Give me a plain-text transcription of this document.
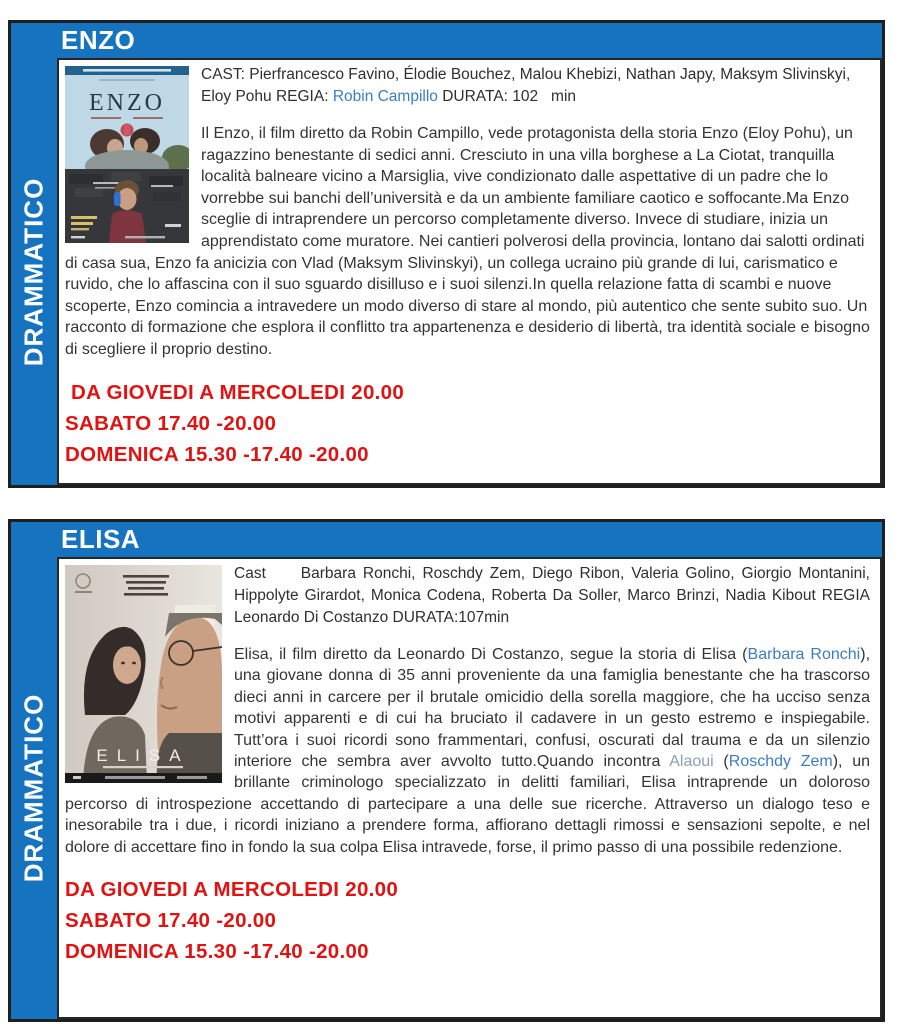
ENZO
DRAMMATICO
ENZO

CAST: Pierfrancesco Favino, Élodie Bouchez, Malou Khebizi, Nathan Japy, Maksym Slivinskyi, Eloy Pohu REGIA: Robin Campillo DURATA: 102   min

Il Enzo, il film diretto da Robin Campillo, vede protagonista della storia Enzo (Eloy Pohu), un ragazzino benestante di sedici anni. Cresciuto in una villa borghese a La Ciotat, tranquilla località balneare vicino a Marsiglia, vive condizionato dalle aspettative di un padre che lo vorrebbe sui banchi dell’università e da un ambiente familiare caotico e soffocante.Ma Enzo sceglie di intraprendere un percorso completamente diverso. Invece di studiare, inizia un apprendistato come muratore. Nei cantieri polverosi della provincia, lontano dai salotti ordinati di casa sua, Enzo fa anicizia con Vlad (Maksym Slivinskyi), un collega ucraino più grande di lui, carismatico e ruvido, che lo affascina con il suo sguardo disilluso e i suoi silenzi.In quella relazione fatta di scambi e nuove scoperte, Enzo comincia a intravedere un modo diverso di stare al mondo, più autentico che sente subito suo. Un racconto di formazione che esplora il conflitto tra appartenenza e desiderio di libertà, tra identità sociale e bisogno di scegliere il proprio destino.

DA GIOVEDI A MERCOLEDI 20.00
SABATO 17.40 -20.00
DOMENICA 15.30 -17.40 -20.00
ELISA
DRAMMATICO	ELISA

Cast     Barbara Ronchi, Roschdy Zem, Diego Ribon, Valeria Golino, Giorgio Montanini, Hippolyte Girardot, Monica Codena, Roberta Da Soller, Marco Brinzi, Nadia Kibout REGIA Leonardo Di Costanzo DURATA:107min

Elisa, il film diretto da Leonardo Di Costanzo, segue la storia di Elisa (Barbara Ronchi), una giovane donna di 35 anni proveniente da una famiglia benestante che ha trascorso dieci anni in carcere per il brutale omicidio della sorella maggiore, che ha ucciso senza motivi apparenti e di cui ha bruciato il cadavere in un gesto estremo e inspiegabile. Tutt’ora i suoi ricordi sono frammentari, confusi, oscurati dal trauma e da un silenzio interiore che sembra aver avvolto tutto.Quando incontra Alaoui (Roschdy Zem), un brillante criminologo specializzato in delitti familiari, Elisa intraprende un doloroso percorso di introspezione accettando di partecipare a una delle sue ricerche. Attraverso un dialogo teso e inesorabile tra i due, i ricordi iniziano a prendere forma, affiorano dettagli rimossi e sensazioni sepolte, e nel dolore di accettare fino in fondo la sua colpa Elisa intravede, forse, il primo passo di una possibile redenzione.

DA GIOVEDI A MERCOLEDI 20.00
SABATO 17.40 -20.00
DOMENICA 15.30 -17.40 -20.00
